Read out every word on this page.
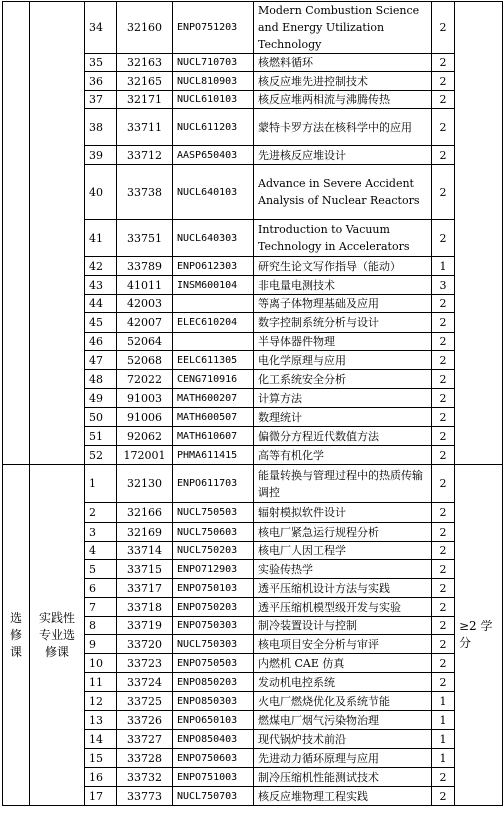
		34	32160	ENPO751203	Modern Combustion Science and Energy Utilization Technology	2	
		35	32163	NUCL710703	核燃料循环	2	
		36	32165	NUCL810903	核反应堆先进控制技术	2	
		37	32171	NUCL610103	核反应堆两相流与沸腾传热	2	
		38	33711	NUCL611203	蒙特卡罗方法在核科学中的应用	2	
		39	33712	AASP650403	先进核反应堆设计	2	
		40	33738	NUCL640103	Advance in Severe Accident Analysis of Nuclear Reactors	2	
		41	33751	NUCL640303	Introduction to Vacuum Technology in Accelerators	2	
		42	33789	ENPO612303	研究生论文写作指导（能动）	1	
		43	41011	INSM600104	非电量电测技术	3	
		44	42003		等离子体物理基础及应用	2	
		45	42007	ELEC610204	数字控制系统分析与设计	2	
		46	52064		半导体器件物理	2	
		47	52068	EELC611305	电化学原理与应用	2	
		48	72022	CENG710916	化工系统安全分析	2	
		49	91003	MATH600207	计算方法	2	
		50	91006	MATH600507	数理统计	2	
		51	92062	MATH610607	偏微分方程近代数值方法	2	
		52	172001	PHMA611415	高等有机化学	2	
选修课	实践性专业选修课	1	32130	ENPO611703	能量转换与管理过程中的热质传输调控	2	≥2 学分
		2	32166	NUCL750503	辐射模拟软件设计	2	
		3	32169	NUCL750603	核电厂紧急运行规程分析	2	
		4	33714	NUCL750203	核电厂人因工程学	2	
		5	33715	ENPO712903	实验传热学	2	
		6	33717	ENPO750103	透平压缩机设计方法与实践	2	
		7	33718	ENPO750203	透平压缩机模型级开发与实验	2	
		8	33719	ENPO750303	制冷装置设计与控制	2	
		9	33720	NUCL750303	核电项目安全分析与审评	2	
		10	33723	ENPO750503	内燃机 CAE 仿真	2	
		11	33724	ENPO850203	发动机电控系统	2	
		12	33725	ENPO850303	火电厂燃烧优化及系统节能	1	
		13	33726	ENPO650103	燃煤电厂烟气污染物治理	1	
		14	33727	ENPO850403	现代锅炉技术前沿	1	
		15	33728	ENPO750603	先进动力循环原理与应用	1	
		16	33732	ENPO751003	制冷压缩机性能测试技术	2	
		17	33773	NUCL750703	核反应堆物理工程实践	2	
